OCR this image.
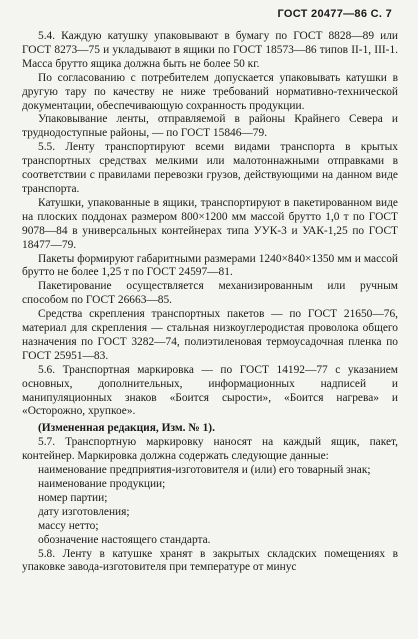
ГОСТ 20477—86 С. 7

5.4. Каждую катушку упаковывают в бумагу по ГОСТ 8828—89 или ГОСТ 8273—75 и укладывают в ящики по ГОСТ 18573—86 типов II-1, III-1. Масса брутто ящика должна быть не более 50 кг.

По согласованию с потребителем допускается упаковывать катушки в другую тару по качеству не ниже требований нормативно-технической документации, обеспечивающую сохранность продукции.

Упаковывание ленты, отправляемой в районы Крайнего Севера и труднодоступные районы, — по ГОСТ 15846—79.

5.5. Ленту транспортируют всеми видами транспорта в крытых транспортных средствах мелкими или малотоннажными отправками в соответствии с правилами перевозки грузов, действующими на данном виде транспорта.

Катушки, упакованные в ящики, транспортируют в пакетированном виде на плоских поддонах размером 800×1200 мм массой брутто 1,0 т по ГОСТ 9078—84 в универсальных контейнерах типа УУК-3 и УАК-1,25 по ГОСТ 18477—79.

Пакеты формируют габаритными размерами 1240×840×1350 мм и массой брутто не более 1,25 т по ГОСТ 24597—81.

Пакетирование осуществляется механизированным или ручным способом по ГОСТ 26663—85.

Средства скрепления транспортных пакетов — по ГОСТ 21650—76, материал для скрепления — стальная низкоуглеродистая проволока общего назначения по ГОСТ 3282—74, полиэтиленовая термоусадочная пленка по ГОСТ 25951—83.

5.6. Транспортная маркировка — по ГОСТ 14192—77 с указанием основных, дополнительных, информационных надписей и манипуляционных знаков «Боится сырости», «Боится нагрева» и «Осторожно, хрупкое».

(Измененная редакция, Изм. № 1).

5.7. Транспортную маркировку наносят на каждый ящик, пакет, контейнер. Маркировка должна содержать следующие данные:

наименование предприятия-изготовителя и (или) его товарный знак;

наименование продукции;

номер партии;

дату изготовления;

массу нетто;

обозначение настоящего стандарта.

5.8. Ленту в катушке хранят в закрытых складских помещениях в упаковке завода-изготовителя при температуре от минус
